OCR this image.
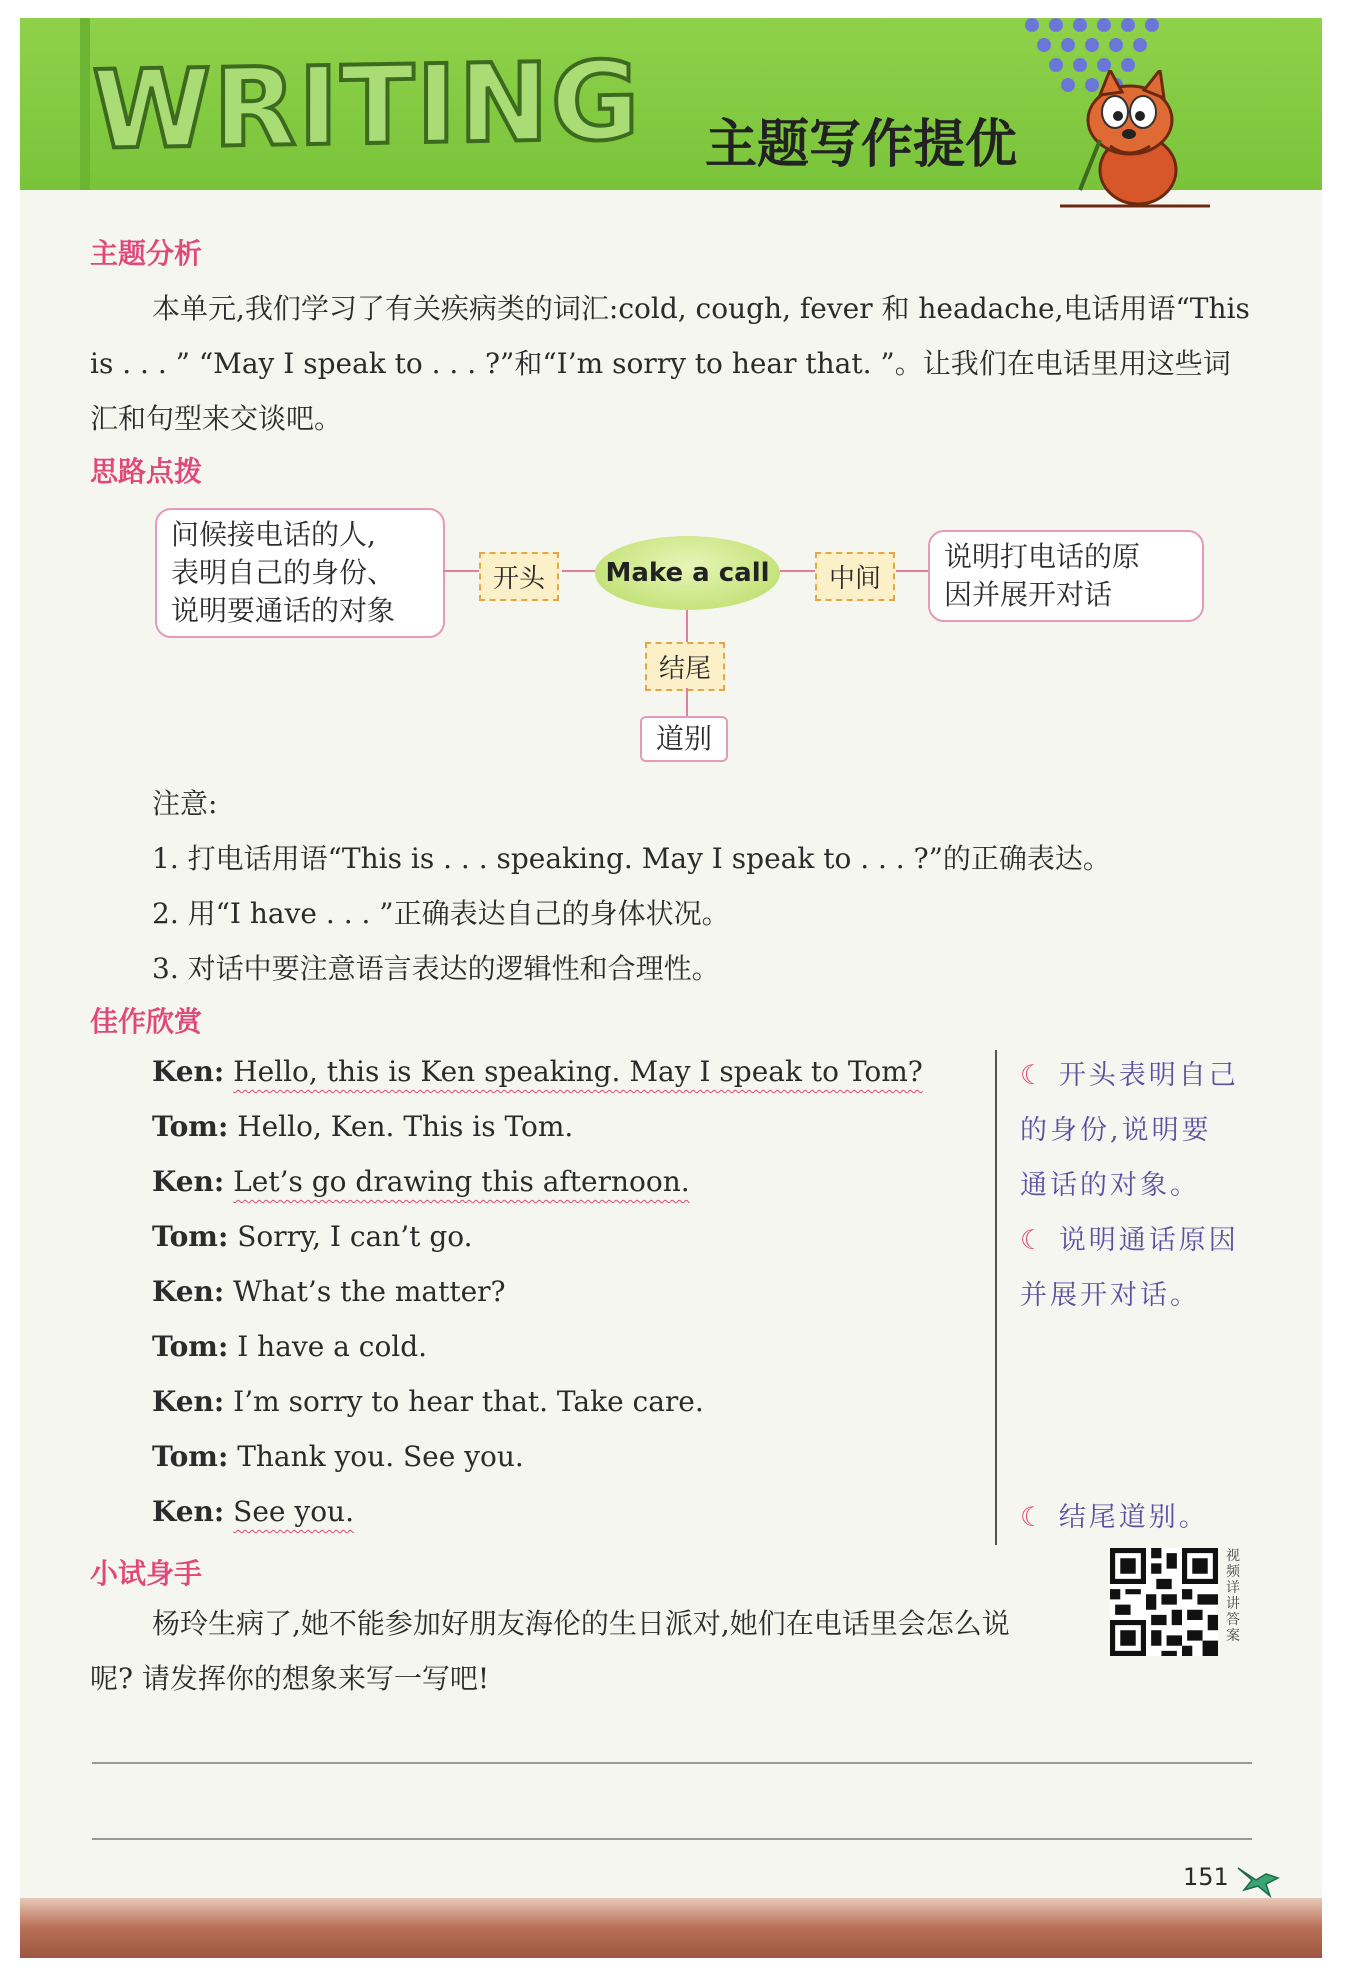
WRITING 主题写作提优
主题分析
本单元,我们学习了有关疾病类的词汇:cold, cough, fever 和 headache,电话用语“This is . . . ” “May I speak to . . . ?”和“I’m sorry to hear that. ”。让我们在电话里用这些词汇和句型来交谈吧。
思路点拨
问候接电话的人,
表明自己的身份、
说明要通话的对象
开头	Make a call	中间
说明打电话的原
因并展开对话
结尾
道别
注意:
1. 打电话用语“This is . . . speaking. May I speak to . . . ?”的正确表达。
2. 用“I have . . . ”正确表达自己的身体状况。
3. 对话中要注意语言表达的逻辑性和合理性。
佳作欣赏
Ken: Hello, this is Ken speaking. May I speak to Tom?
Tom: Hello, Ken. This is Tom.
Ken: Let’s go drawing this afternoon.
Tom: Sorry, I can’t go.
Ken: What’s the matter?
Tom: I have a cold.
Ken: I’m sorry to hear that. Take care.
Tom: Thank you. See you.
Ken: See you.
☾ 开头表明自己
的身份,说明要
通话的对象。
☾ 说明通话原因
并展开对话。
☾ 结尾道别。
小试身手
杨玲生病了,她不能参加好朋友海伦的生日派对,她们在电话里会怎么说呢? 请发挥你的想象来写一写吧!
视频详讲答案
151
